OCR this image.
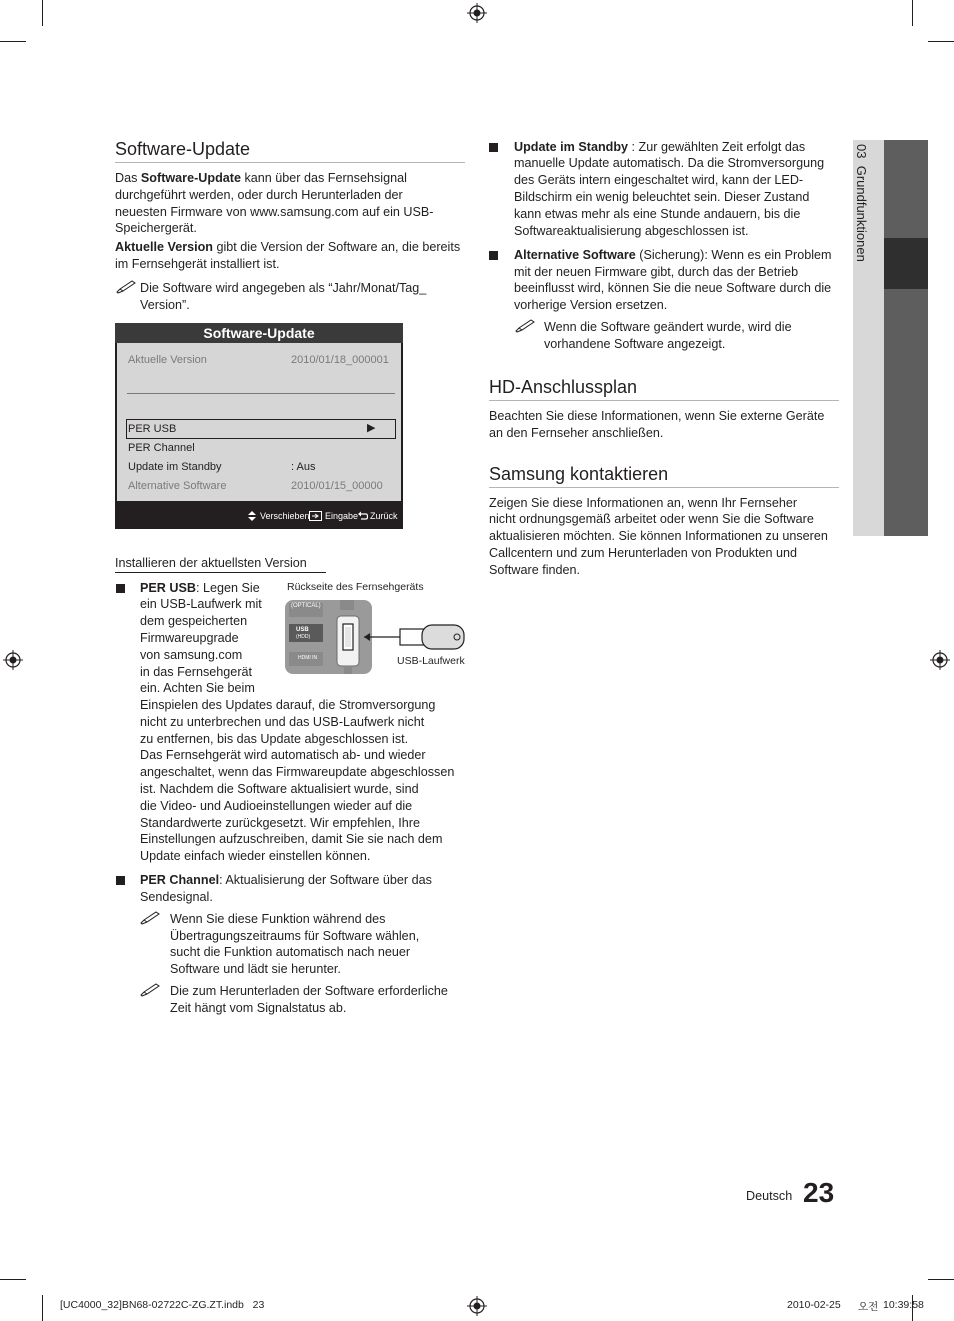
03  Grundfunktionen
Software-Update
Das Software-Update kann über das Fernsehsignal
durchgeführt werden, oder durch Herunterladen der
neuesten Firmware von www.samsung.com auf ein USB-
Speichergerät.
Aktuelle Version gibt die Version der Software an, die bereits
im Fernsehgerät installiert ist.
Die Software wird angegeben als “Jahr/Monat/Tag_
Version”.
Software-Update
Aktuelle Version	2010/01/18_000001
PER USB	▶
PER Channel
Update im Standby	: Aus
Alternative Software	2010/01/15_00000
Verschieben Eingabe Zurück
Installieren der aktuellsten Version
PER USB: Legen Sie
ein USB-Laufwerk mit
dem gespeicherten
Firmwareupgrade
von samsung.com
in das Fernsehgerät
ein. Achten Sie beim
Einspielen des Updates darauf, die Stromversorgung
nicht zu unterbrechen und das USB-Laufwerk nicht
zu entfernen, bis das Update abgeschlossen ist.
Das Fernsehgerät wird automatisch ab- und wieder
angeschaltet, wenn das Firmwareupdate abgeschlossen
ist. Nachdem die Software aktualisiert wurde, sind
die Video- und Audioeinstellungen wieder auf die
Standardwerte zurückgesetzt. Wir empfehlen, Ihre
Einstellungen aufzuschreiben, damit Sie sie nach dem
Update einfach wieder einstellen können.
Rückseite des Fernsehgeräts
(OPTICAL)
USB
(HDD)
HDMI IN	USB-Laufwerk
PER Channel: Aktualisierung der Software über das
Sendesignal.
Wenn Sie diese Funktion während des
Übertragungszeitraums für Software wählen,
sucht die Funktion automatisch nach neuer
Software und lädt sie herunter.
Die zum Herunterladen der Software erforderliche
Zeit hängt vom Signalstatus ab.
Update im Standby : Zur gewählten Zeit erfolgt das
manuelle Update automatisch. Da die Stromversorgung
des Geräts intern eingeschaltet wird, kann der LED-
Bildschirm ein wenig beleuchtet sein. Dieser Zustand
kann etwas mehr als eine Stunde andauern, bis die
Softwareaktualisierung abgeschlossen ist.
Alternative Software (Sicherung): Wenn es ein Problem
mit der neuen Firmware gibt, durch das der Betrieb
beeinflusst wird, können Sie die neue Software durch die
vorherige Version ersetzen.
Wenn die Software geändert wurde, wird die
vorhandene Software angezeigt.
HD-Anschlussplan
Beachten Sie diese Informationen, wenn Sie externe Geräte
an den Fernseher anschließen.
Samsung kontaktieren
Zeigen Sie diese Informationen an, wenn Ihr Fernseher
nicht ordnungsgemäß arbeitet oder wenn Sie die Software
aktualisieren möchten. Sie können Informationen zu unseren
Callcentern und zum Herunterladen von Produkten und
Software finden.
Deutsch 23
[UC4000_32]BN68-02722C-ZG.ZT.indb   23	2010-02-25 오전 10:39:58
